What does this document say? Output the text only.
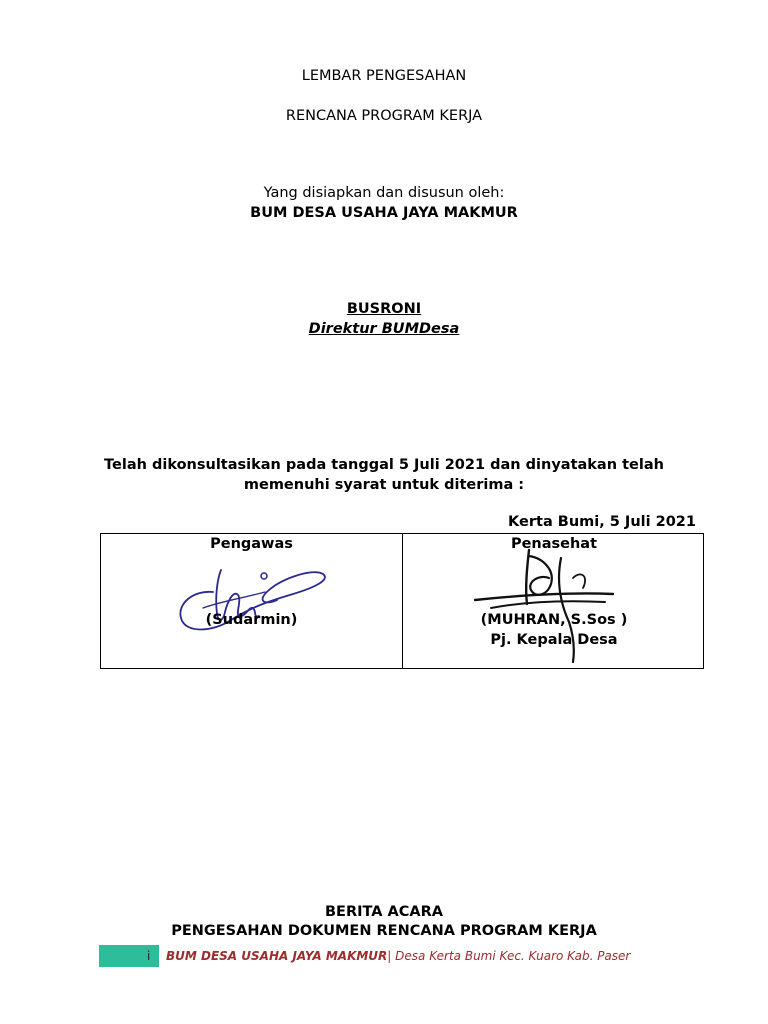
LEMBAR PENGESAHAN
RENCANA PROGRAM KERJA
Yang disiapkan dan disusun oleh:
BUM DESA USAHA JAYA MAKMUR
BUSRONI
Direktur BUMDesa
Telah dikonsultasikan pada tanggal 5 Juli 2021 dan dinyatakan telah
memenuhi syarat untuk diterima :
Kerta Bumi, 5 Juli 2021
Pengawas
(Sudarmin)
Penasehat
(MUHRAN, S.Sos )
Pj. Kepala Desa
BERITA ACARA
PENGESAHAN DOKUMEN RENCANA PROGRAM KERJA
i BUM DESA USAHA JAYA MAKMUR| Desa Kerta Bumi Kec. Kuaro Kab. Paser
